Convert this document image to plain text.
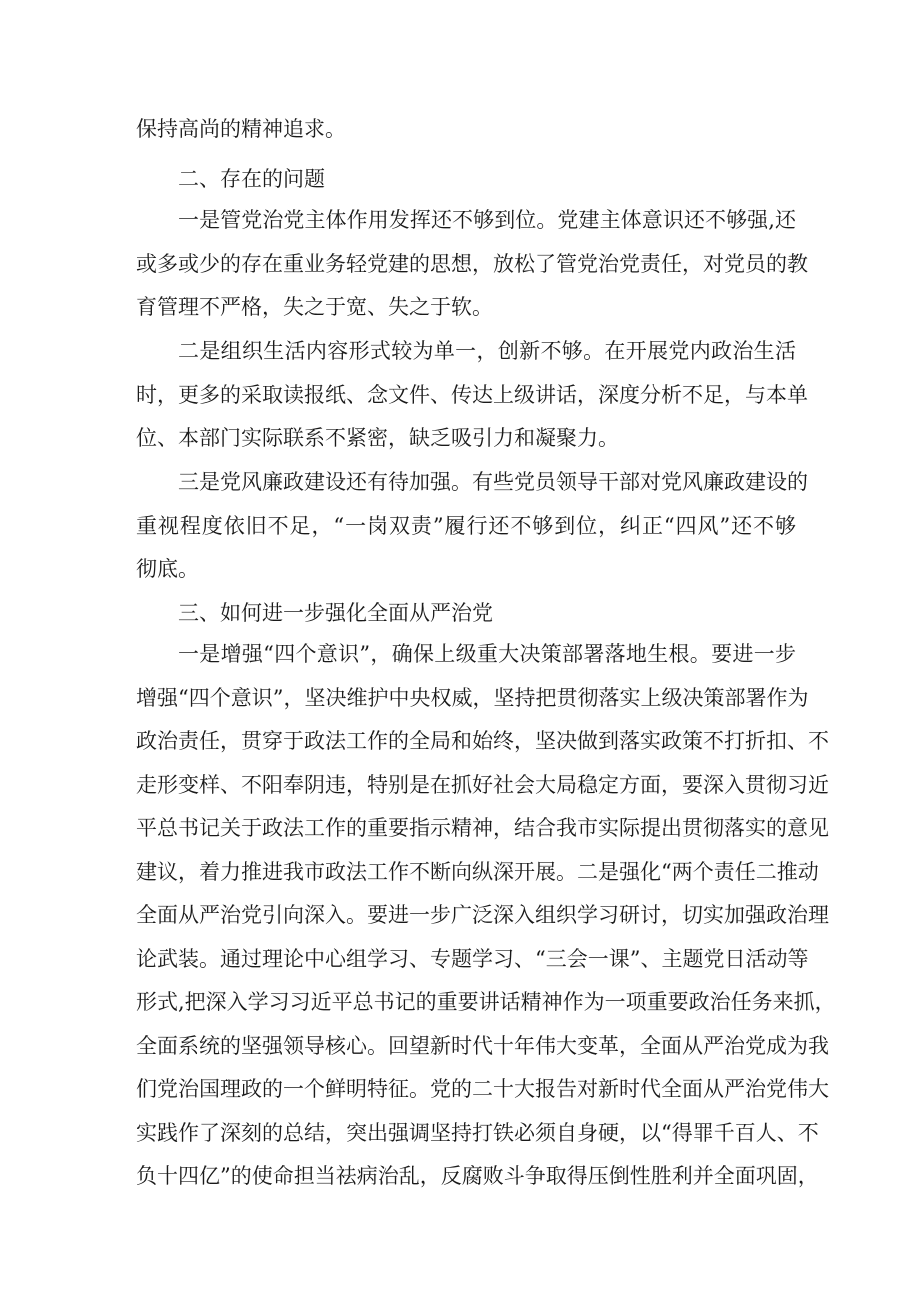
保持高尚的精神追求。
二、存在的问题
一是管党治党主体作用发挥还不够到位。党建主体意识还不够强,还
或多或少的存在重业务轻党建的思想，放松了管党治党责任，对党员的教
育管理不严格，失之于宽、失之于软。
二是组织生活内容形式较为单一，创新不够。在开展党内政治生活
时，更多的采取读报纸、念文件、传达上级讲话，深度分析不足，与本单
位、本部门实际联系不紧密，缺乏吸引力和凝聚力。
三是党风廉政建设还有待加强。有些党员领导干部对党风廉政建设的
重视程度依旧不足，“一岗双责”履行还不够到位，纠正“四风”还不够
彻底。
三、如何进一步强化全面从严治党
一是增强“四个意识”，确保上级重大决策部署落地生根。要进一步
增强“四个意识”，坚决维护中央权威，坚持把贯彻落实上级决策部署作为
政治责任，贯穿于政法工作的全局和始终，坚决做到落实政策不打折扣、不
走形变样、不阳奉阴违，特别是在抓好社会大局稳定方面，要深入贯彻习近
平总书记关于政法工作的重要指示精神，结合我市实际提出贯彻落实的意见
建议，着力推进我市政法工作不断向纵深开展。二是强化“两个责任二推动
全面从严治党引向深入。要进一步广泛深入组织学习研讨，切实加强政治理
论武装。通过理论中心组学习、专题学习、“三会一课”、主题党日活动等
形式,把深入学习习近平总书记的重要讲话精神作为一项重要政治任务来抓，
全面系统的坚强领导核心。回望新时代十年伟大变革，全面从严治党成为我
们党治国理政的一个鲜明特征。党的二十大报告对新时代全面从严治党伟大
实践作了深刻的总结，突出强调坚持打铁必须自身硬，以“得罪千百人、不
负十四亿”的使命担当祛病治乱，反腐败斗争取得压倒性胜利并全面巩固，
